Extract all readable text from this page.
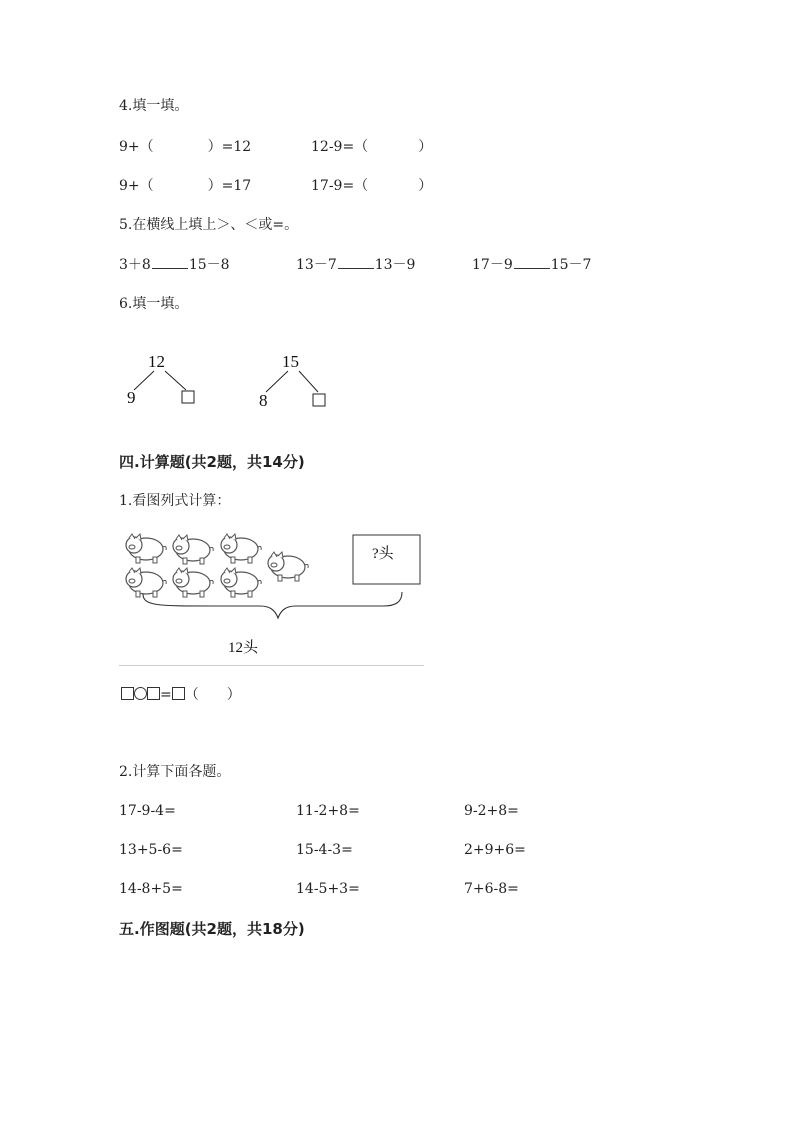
4.填一填。
9+（	）=12	12-9=（	）
9+（	）=17	17-9=（	）
5.在横线上填上＞、＜或=。
3＋8	15－8	13－7	13－9	17－9	15－7
6.填一填。
12
9
15
8
四.计算题(共2题，共14分)
1.看图列式计算：
?头
12头
= （　　）
2.计算下面各题。
17-9-4=	11-2+8=	9-2+8=
13+5-6=	15-4-3=	2+9+6=
14-8+5=	14-5+3=	7+6-8=
五.作图题(共2题，共18分)
